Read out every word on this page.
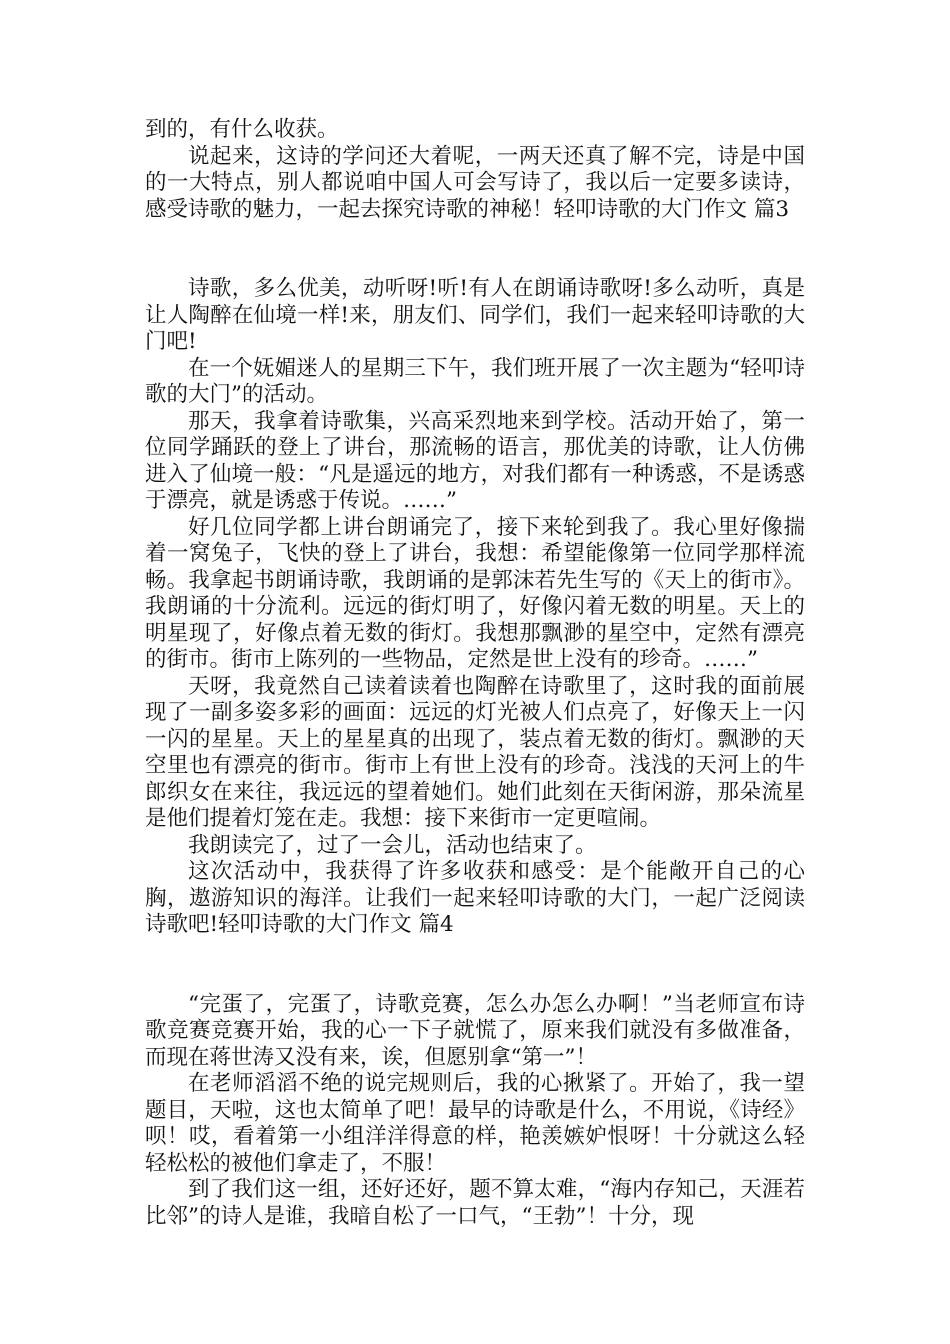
到的，有什么收获。

说起来，这诗的学问还大着呢，一两天还真了解不完，诗是中国的一大特点，别人都说咱中国人可会写诗了，我以后一定要多读诗，感受诗歌的魅力，一起去探究诗歌的神秘！轻叩诗歌的大门作文 篇3

诗歌，多么优美，动听呀!听!有人在朗诵诗歌呀!多么动听，真是让人陶醉在仙境一样!来，朋友们、同学们，我们一起来轻叩诗歌的大门吧!

在一个妩媚迷人的星期三下午，我们班开展了一次主题为“轻叩诗歌的大门”的活动。

那天，我拿着诗歌集，兴高采烈地来到学校。活动开始了，第一位同学踊跃的登上了讲台，那流畅的语言，那优美的诗歌，让人仿佛进入了仙境一般：“凡是遥远的地方，对我们都有一种诱惑，不是诱惑于漂亮，就是诱惑于传说。……”

好几位同学都上讲台朗诵完了，接下来轮到我了。我心里好像揣着一窝兔子，飞快的登上了讲台，我想：希望能像第一位同学那样流畅。我拿起书朗诵诗歌，我朗诵的是郭沫若先生写的《天上的街市》。我朗诵的十分流利。远远的街灯明了，好像闪着无数的明星。天上的明星现了，好像点着无数的街灯。我想那飘渺的星空中，定然有漂亮的街市。街市上陈列的一些物品，定然是世上没有的珍奇。……”

天呀，我竟然自己读着读着也陶醉在诗歌里了，这时我的面前展现了一副多姿多彩的画面：远远的灯光被人们点亮了，好像天上一闪一闪的星星。天上的星星真的出现了，装点着无数的街灯。飘渺的天空里也有漂亮的街市。街市上有世上没有的珍奇。浅浅的天河上的牛郎织女在来往，我远远的望着她们。她们此刻在天街闲游，那朵流星是他们提着灯笼在走。我想：接下来街市一定更喧闹。

我朗读完了，过了一会儿，活动也结束了。

这次活动中，我获得了许多收获和感受：是个能敞开自己的心胸，遨游知识的海洋。让我们一起来轻叩诗歌的大门，一起广泛阅读诗歌吧!轻叩诗歌的大门作文 篇4

“完蛋了，完蛋了，诗歌竞赛，怎么办怎么办啊！”当老师宣布诗歌竞赛竞赛开始，我的心一下子就慌了，原来我们就没有多做准备，而现在蒋世涛又没有来，诶，但愿别拿“第一”！

在老师滔滔不绝的说完规则后，我的心揪紧了。开始了，我一望题目，天啦，这也太简单了吧！最早的诗歌是什么，不用说，《诗经》呗！哎，看着第一小组洋洋得意的样，艳羡嫉妒恨呀！十分就这么轻轻松松的被他们拿走了，不服！

到了我们这一组，还好还好，题不算太难，“海内存知己，天涯若比邻”的诗人是谁，我暗自松了一口气，“王勃”！十分，现
